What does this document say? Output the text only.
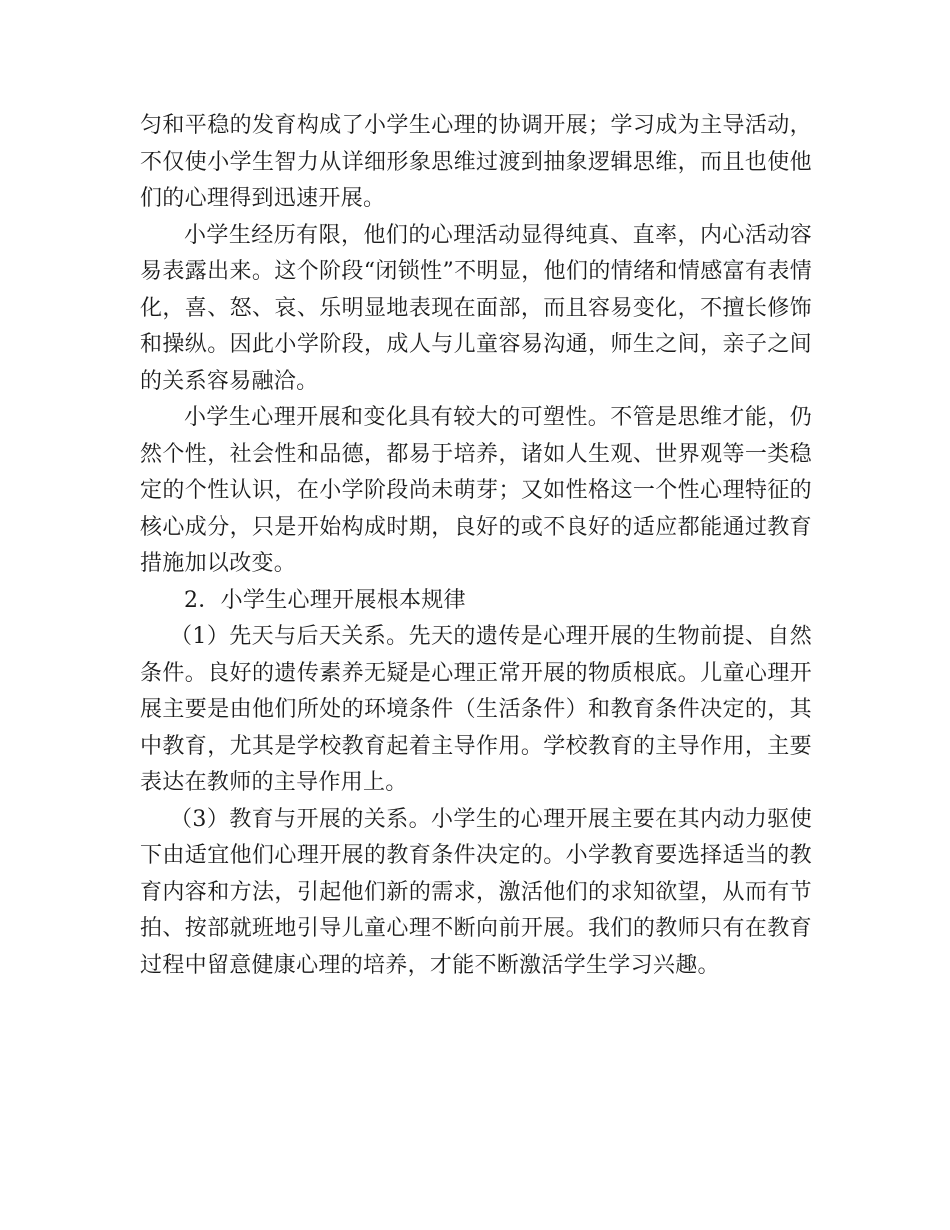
匀和平稳的发育构成了小学生心理的协调开展；学习成为主导活动，不仅使小学生智力从详细形象思维过渡到抽象逻辑思维，而且也使他们的心理得到迅速开展。

小学生经历有限，他们的心理活动显得纯真、直率，内心活动容易表露出来。这个阶段“闭锁性”不明显，他们的情绪和情感富有表情化，喜、怒、哀、乐明显地表现在面部，而且容易变化，不擅长修饰和操纵。因此小学阶段，成人与儿童容易沟通，师生之间，亲子之间的关系容易融洽。

小学生心理开展和变化具有较大的可塑性。不管是思维才能，仍然个性，社会性和品德，都易于培养，诸如人生观、世界观等一类稳定的个性认识，在小学阶段尚未萌芽；又如性格这一个性心理特征的核心成分，只是开始构成时期，良好的或不良好的适应都能通过教育措施加以改变。

2．小学生心理开展根本规律

（1）先天与后天关系。先天的遗传是心理开展的生物前提、自然条件。良好的遗传素养无疑是心理正常开展的物质根底。儿童心理开展主要是由他们所处的环境条件（生活条件）和教育条件决定的，其中教育，尤其是学校教育起着主导作用。学校教育的主导作用，主要表达在教师的主导作用上。

（3）教育与开展的关系。小学生的心理开展主要在其内动力驱使下由适宜他们心理开展的教育条件决定的。小学教育要选择适当的教育内容和方法，引起他们新的需求，激活他们的求知欲望，从而有节拍、按部就班地引导儿童心理不断向前开展。我们的教师只有在教育过程中留意健康心理的培养，才能不断激活学生学习兴趣。
